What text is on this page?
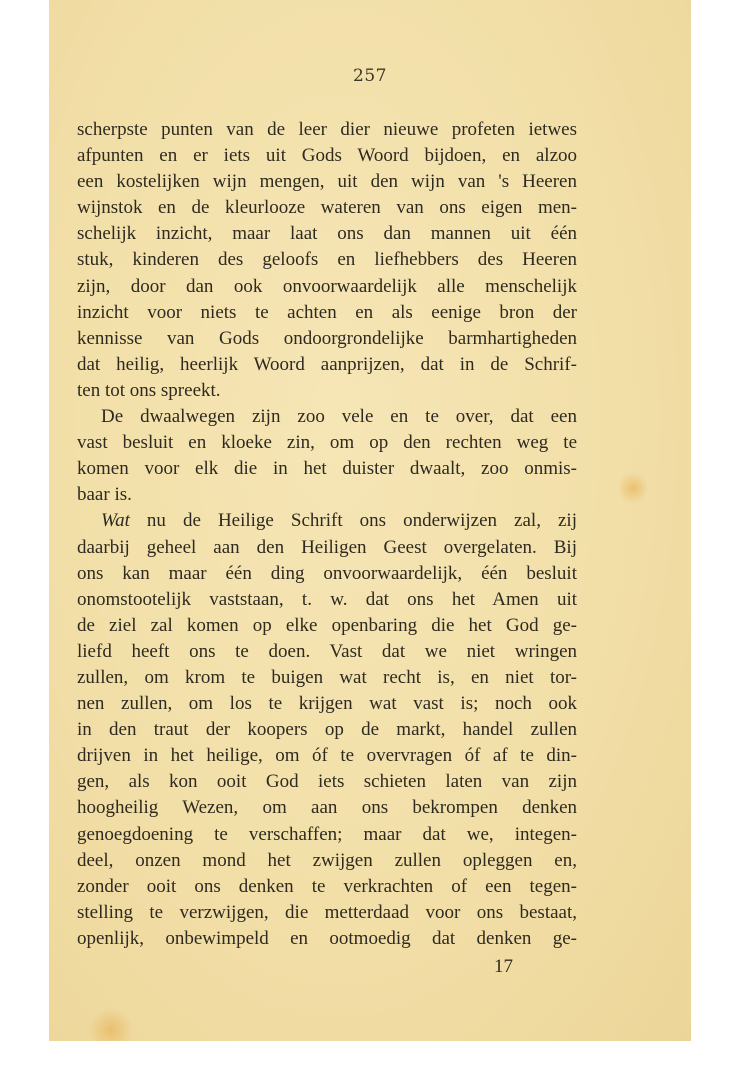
257
scherpste punten van de leer dier nieuwe profeten ietwes
afpunten en er iets uit Gods Woord bijdoen, en alzoo
een kostelijken wijn mengen, uit den wijn van 's Heeren
wijnstok en de kleurlooze wateren van ons eigen men-
schelijk inzicht, maar laat ons dan mannen uit één
stuk, kinderen des geloofs en liefhebbers des Heeren
zijn, door dan ook onvoorwaardelijk alle menschelijk
inzicht voor niets te achten en als eenige bron der
kennisse van Gods ondoorgrondelijke barmhartigheden
dat heilig, heerlijk Woord aanprijzen, dat in de Schrif-
ten tot ons spreekt.
De dwaalwegen zijn zoo vele en te over, dat een
vast besluit en kloeke zin, om op den rechten weg te
komen voor elk die in het duister dwaalt, zoo onmis-
baar is.
Wat nu de Heilige Schrift ons onderwijzen zal, zij
daarbij geheel aan den Heiligen Geest overgelaten. Bij
ons kan maar één ding onvoorwaardelijk, één besluit
onomstootelijk vaststaan, t. w. dat ons het Amen uit
de ziel zal komen op elke openbaring die het God ge-
liefd heeft ons te doen. Vast dat we niet wringen
zullen, om krom te buigen wat recht is, en niet tor-
nen zullen, om los te krijgen wat vast is; noch ook
in den traut der koopers op de markt, handel zullen
drijven in het heilige, om óf te overvragen óf af te din-
gen, als kon ooit God iets schieten laten van zijn
hoogheilig Wezen, om aan ons bekrompen denken
genoegdoening te verschaffen; maar dat we, integen-
deel, onzen mond het zwijgen zullen opleggen en,
zonder ooit ons denken te verkrachten of een tegen-
stelling te verzwijgen, die metterdaad voor ons bestaat,
openlijk, onbewimpeld en ootmoedig dat denken ge-
17
